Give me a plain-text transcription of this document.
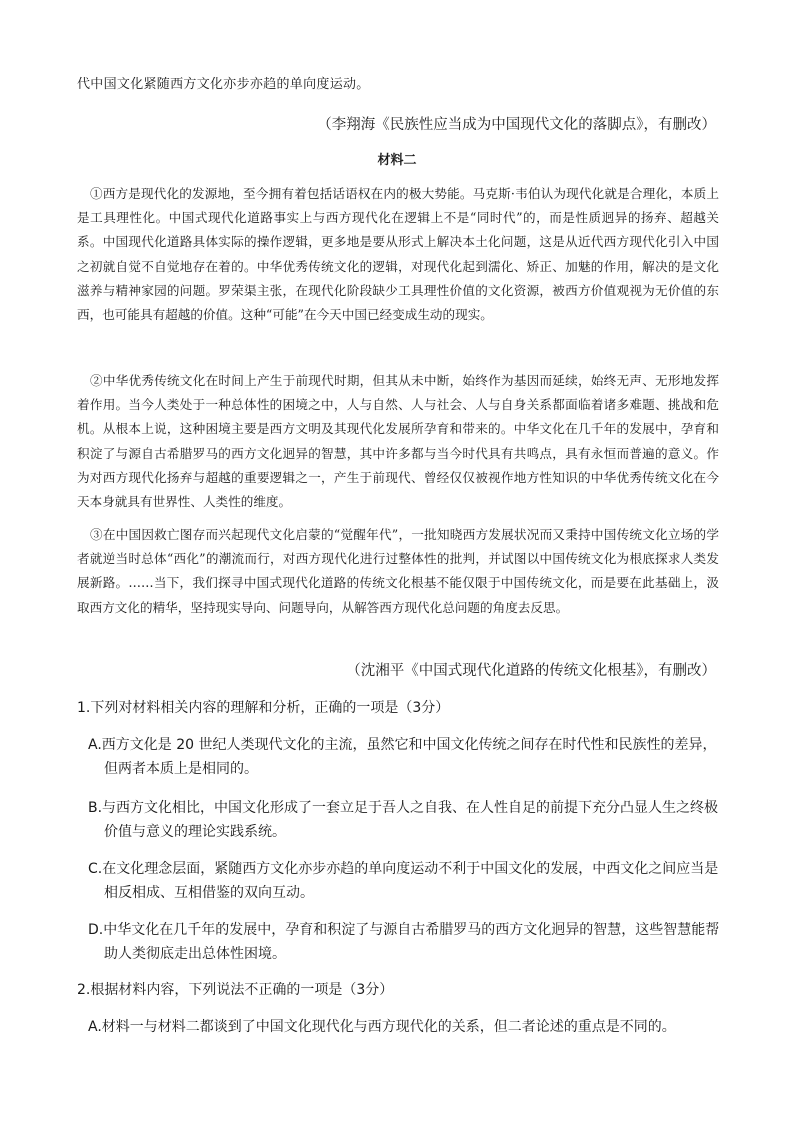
代中国文化紧随西方文化亦步亦趋的单向度运动。
（李翔海《民族性应当成为中国现代文化的落脚点》，有删改）
材料二
①西方是现代化的发源地，至今拥有着包括话语权在内的极大势能。马克斯·韦伯认为现代化就是合理化，本质上是工具理性化。中国式现代化道路事实上与西方现代化在逻辑上不是“同时代”的，而是性质迥异的扬弃、超越关系。中国现代化道路具体实际的操作逻辑，更多地是要从形式上解决本土化问题，这是从近代西方现代化引入中国之初就自觉不自觉地存在着的。中华优秀传统文化的逻辑，对现代化起到濡化、矫正、加魅的作用，解决的是文化滋养与精神家园的问题。罗荣渠主张，在现代化阶段缺少工具理性价值的文化资源，被西方价值观视为无价值的东西，也可能具有超越的价值。这种“可能”在今天中国已经变成生动的现实。
②中华优秀传统文化在时间上产生于前现代时期，但其从未中断，始终作为基因而延续，始终无声、无形地发挥着作用。当今人类处于一种总体性的困境之中，人与自然、人与社会、人与自身关系都面临着诸多难题、挑战和危机。从根本上说，这种困境主要是西方文明及其现代化发展所孕育和带来的。中华文化在几千年的发展中，孕育和积淀了与源自古希腊罗马的西方文化迥异的智慧，其中许多都与当今时代具有共鸣点，具有永恒而普遍的意义。作为对西方现代化扬弃与超越的重要逻辑之一，产生于前现代、曾经仅仅被视作地方性知识的中华优秀传统文化在今天本身就具有世界性、人类性的维度。
③在中国因救亡图存而兴起现代文化启蒙的“觉醒年代”，一批知晓西方发展状况而又秉持中国传统文化立场的学者就逆当时总体“西化”的潮流而行，对西方现代化进行过整体性的批判，并试图以中国传统文化为根底探求人类发展新路。……当下，我们探寻中国式现代化道路的传统文化根基不能仅限于中国传统文化，而是要在此基础上，汲取西方文化的精华，坚持现实导向、问题导向，从解答西方现代化总问题的角度去反思。
（沈湘平《中国式现代化道路的传统文化根基》，有删改）
1.下列对材料相关内容的理解和分析，正确的一项是（3分）
A.西方文化是 20 世纪人类现代文化的主流，虽然它和中国文化传统之间存在时代性和民族性的差异，但两者本质上是相同的。
B.与西方文化相比，中国文化形成了一套立足于吾人之自我、在人性自足的前提下充分凸显人生之终极价值与意义的理论实践系统。
C.在文化理念层面，紧随西方文化亦步亦趋的单向度运动不利于中国文化的发展，中西文化之间应当是相反相成、互相借鉴的双向互动。
D.中华文化在几千年的发展中，孕育和积淀了与源自古希腊罗马的西方文化迥异的智慧，这些智慧能帮助人类彻底走出总体性困境。
2.根据材料内容，下列说法不正确的一项是（3分）
A.材料一与材料二都谈到了中国文化现代化与西方现代化的关系，但二者论述的重点是不同的。
